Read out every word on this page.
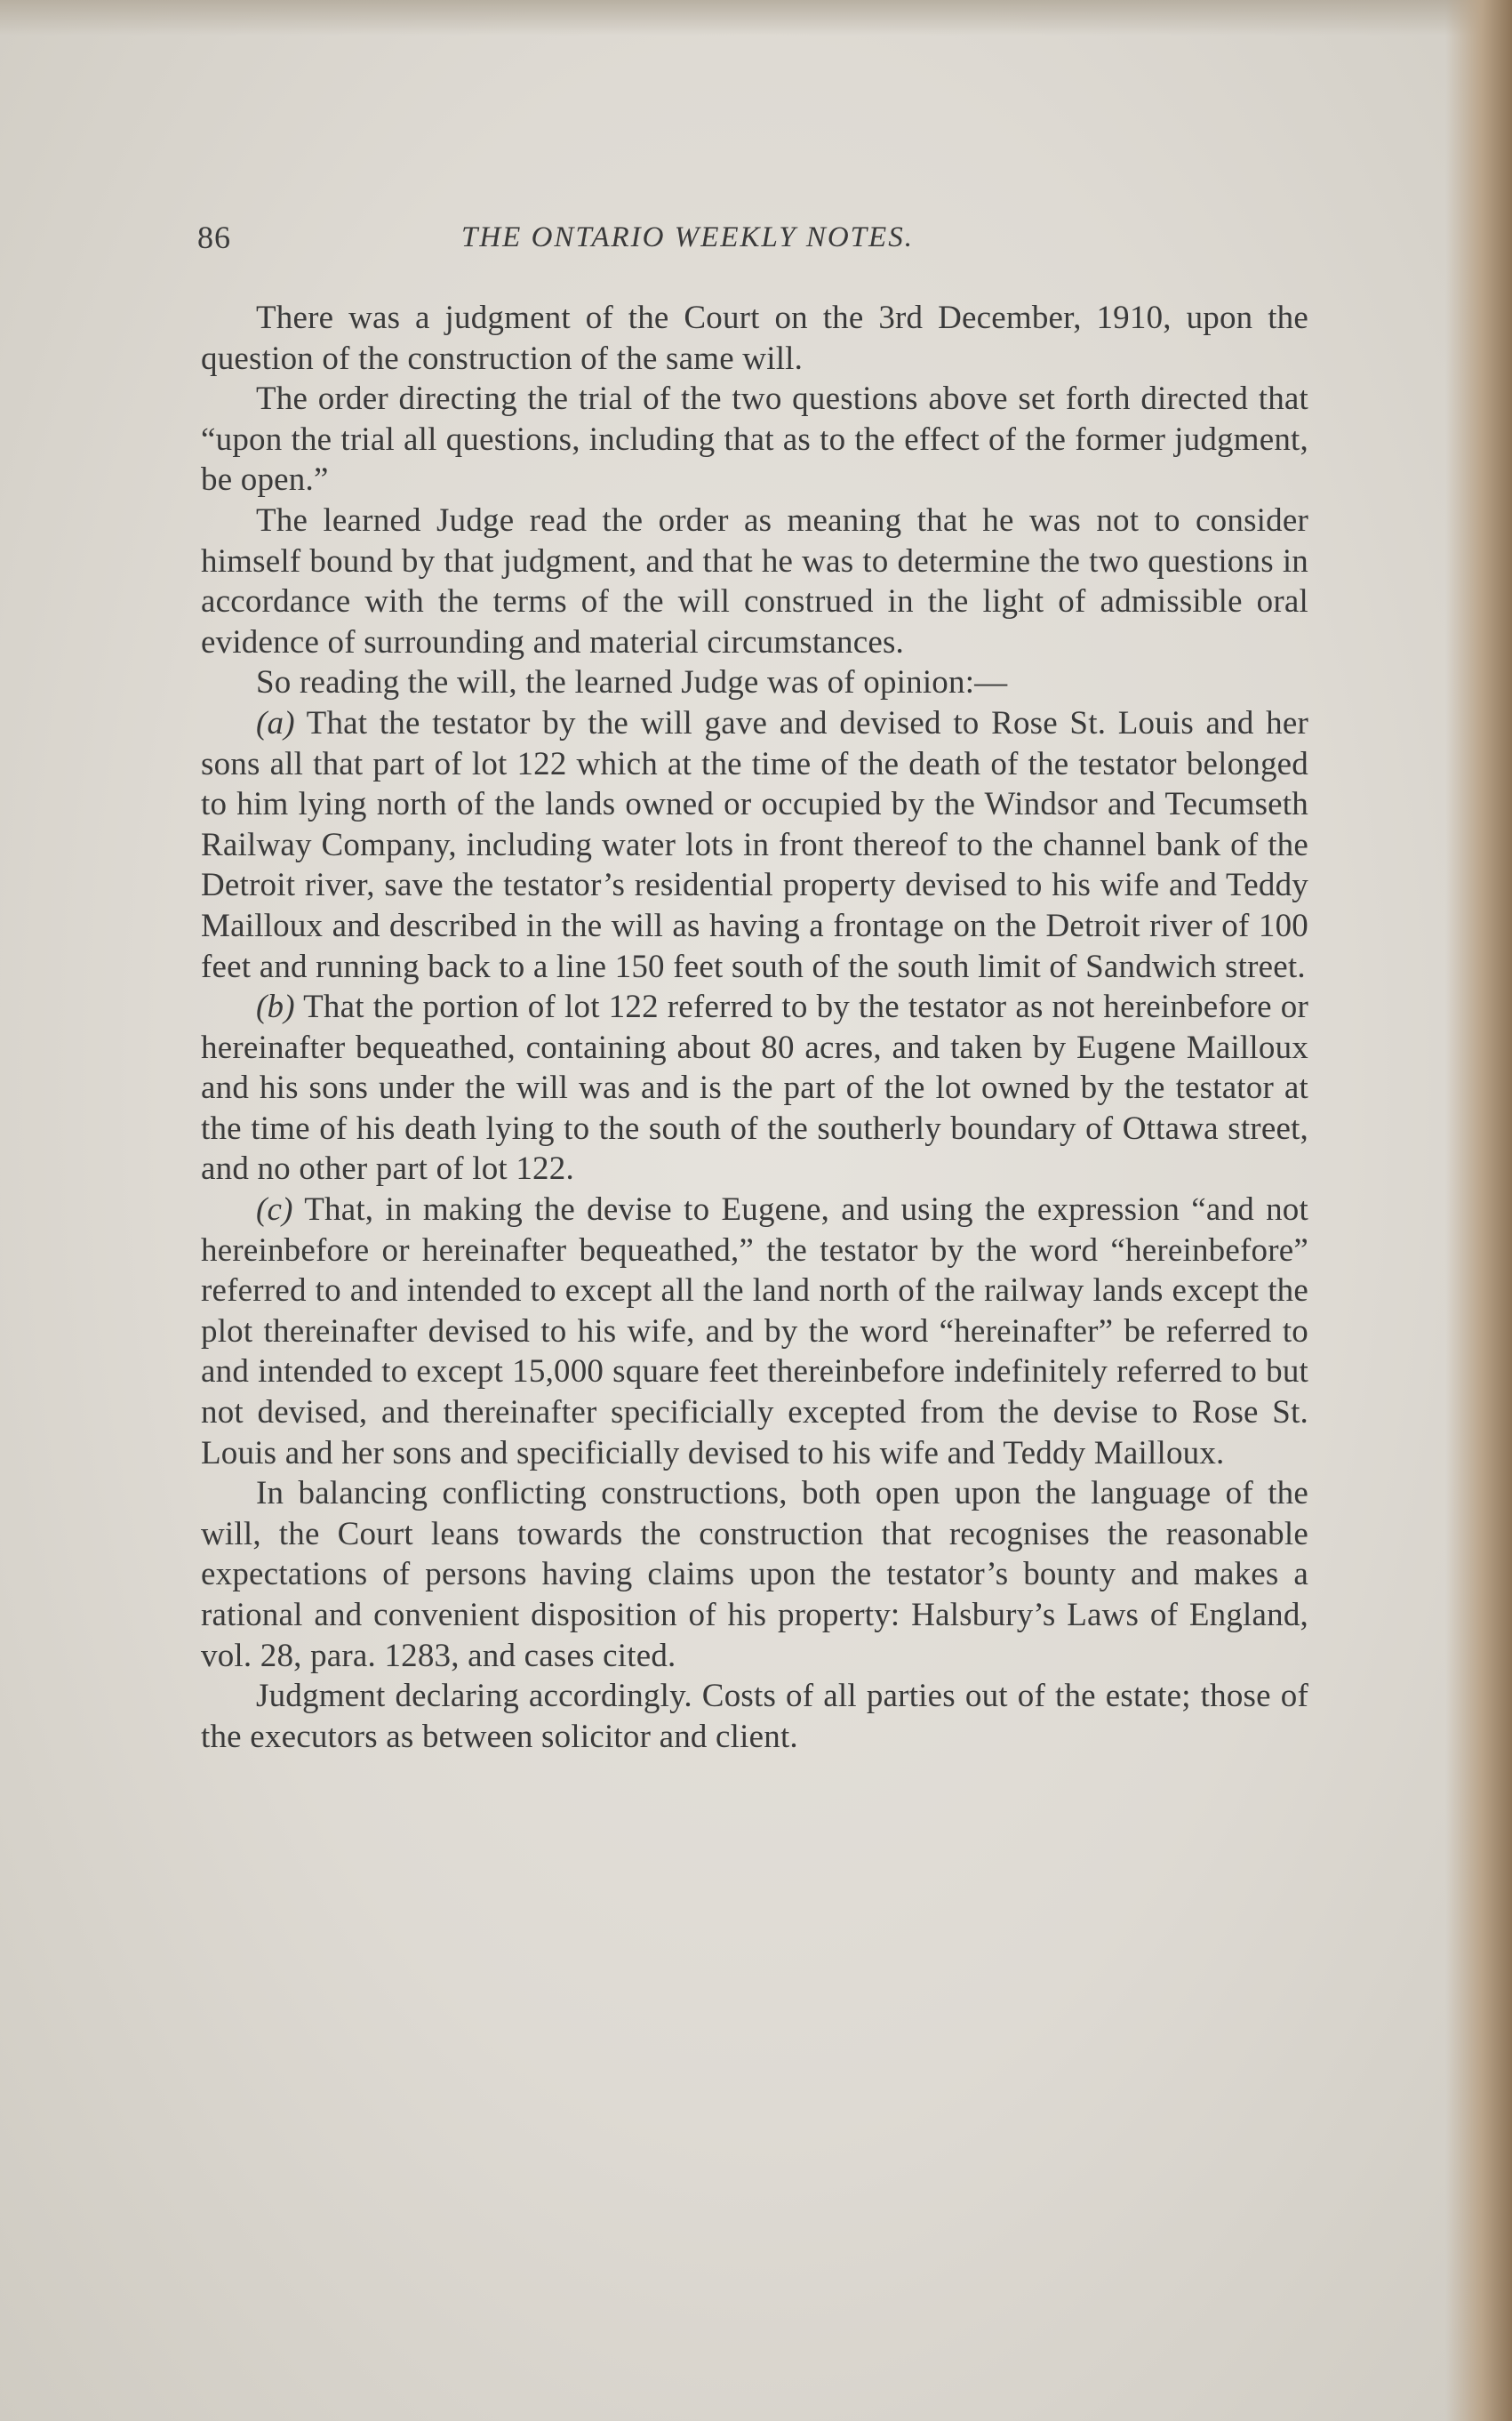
86	THE ONTARIO WEEKLY NOTES.

There was a judgment of the Court on the 3rd December, 1910, upon the question of the construction of the same will.

The order directing the trial of the two questions above set forth directed that “upon the trial all questions, including that as to the effect of the former judgment, be open.”

The learned Judge read the order as meaning that he was not to consider himself bound by that judgment, and that he was to determine the two questions in accordance with the terms of the will construed in the light of admissible oral evidence of surrounding and material circumstances.

So reading the will, the learned Judge was of opinion:—

(a) That the testator by the will gave and devised to Rose St. Louis and her sons all that part of lot 122 which at the time of the death of the testator belonged to him lying north of the lands owned or occupied by the Windsor and Tecumseth Railway Company, including water lots in front thereof to the channel bank of the Detroit river, save the testator’s residential property devised to his wife and Teddy Mailloux and described in the will as having a frontage on the Detroit river of 100 feet and running back to a line 150 feet south of the south limit of Sandwich street.

(b) That the portion of lot 122 referred to by the testator as not hereinbefore or hereinafter bequeathed, containing about 80 acres, and taken by Eugene Mailloux and his sons under the will was and is the part of the lot owned by the testator at the time of his death lying to the south of the southerly boundary of Ottawa street, and no other part of lot 122.

(c) That, in making the devise to Eugene, and using the expression “and not hereinbefore or hereinafter bequeathed,” the testator by the word “hereinbefore” referred to and intended to except all the land north of the railway lands except the plot thereinafter devised to his wife, and by the word “hereinafter” be referred to and intended to except 15,000 square feet thereinbefore indefinitely referred to but not devised, and thereinafter specificially excepted from the devise to Rose St. Louis and her sons and specificially devised to his wife and Teddy Mailloux.

In balancing conflicting constructions, both open upon the language of the will, the Court leans towards the construction that recognises the reasonable expectations of persons having claims upon the testator’s bounty and makes a rational and convenient disposition of his property: Halsbury’s Laws of England, vol. 28, para. 1283, and cases cited.

Judgment declaring accordingly. Costs of all parties out of the estate; those of the executors as between solicitor and client.
